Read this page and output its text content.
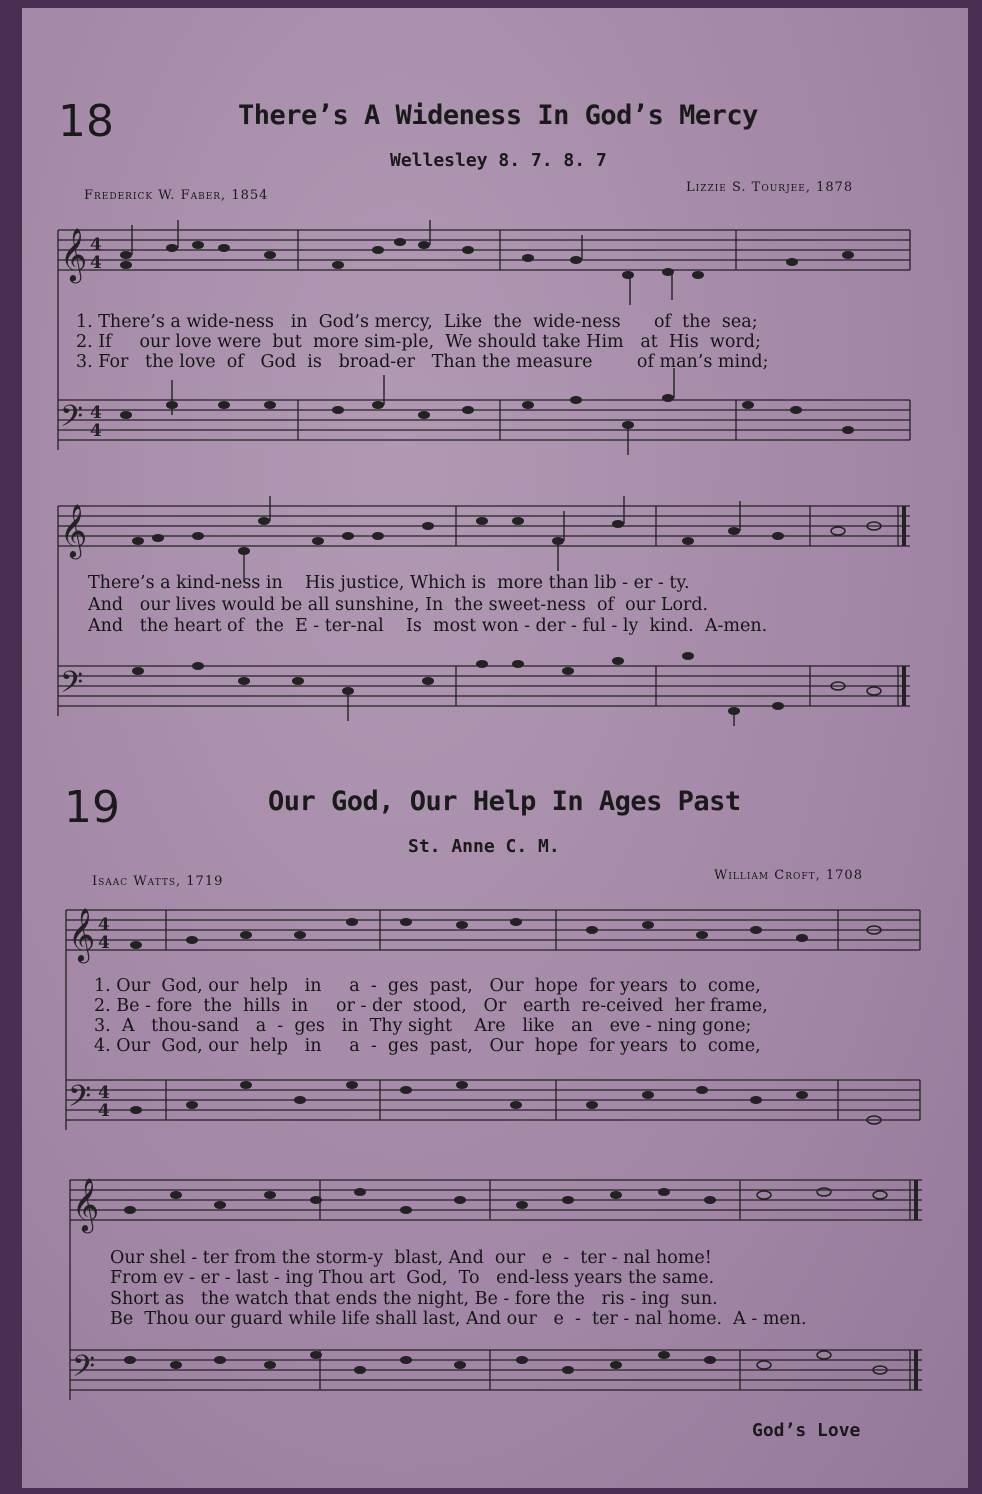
18	There’s A Wideness In God’s Mercy
Wellesley 8. 7. 8. 7
Frederick W. Faber, 1854
Lizzie S. Tourjee, 1878
𝄞
𝄢
4
4
4
4
1. There’s a wide-ness   in  God’s mercy,  Like  the  wide-ness      of  the  sea;
2. If     our love were  but  more sim-ple,  We should take Him   at  His  word;
3. For   the love  of   God  is   broad-er   Than the measure        of man’s mind;
𝄞
𝄢
There’s a kind-ness in    His justice, Which is  more than lib - er - ty.
And   our lives would be all sunshine, In  the sweet-ness  of  our Lord.
And   the heart of  the  E - ter-nal    Is  most won - der - ful - ly  kind.  A-men.
19	Our God, Our Help In Ages Past
St. Anne C. M.
Isaac Watts, 1719	William Croft, 1708
𝄞
𝄢
4
4
4
4
1. Our  God, our  help   in     a  -  ges  past,   Our  hope  for years  to  come,
2. Be - fore  the  hills  in     or - der  stood,   Or   earth  re-ceived  her frame,
3.  A   thou-sand   a  -  ges   in  Thy sight    Are   like   an   eve - ning gone;
4. Our  God, our  help   in     a  -  ges  past,   Our  hope  for years  to  come,
𝄞
𝄢
Our shel - ter from the storm-y  blast, And  our   e  -  ter - nal home!
From ev - er - last - ing Thou art  God,  To   end-less years the same.
Short as   the watch that ends the night, Be - fore the   ris - ing  sun.
Be  Thou our guard while life shall last, And our   e  -  ter - nal home.  A - men.
God’s Love
